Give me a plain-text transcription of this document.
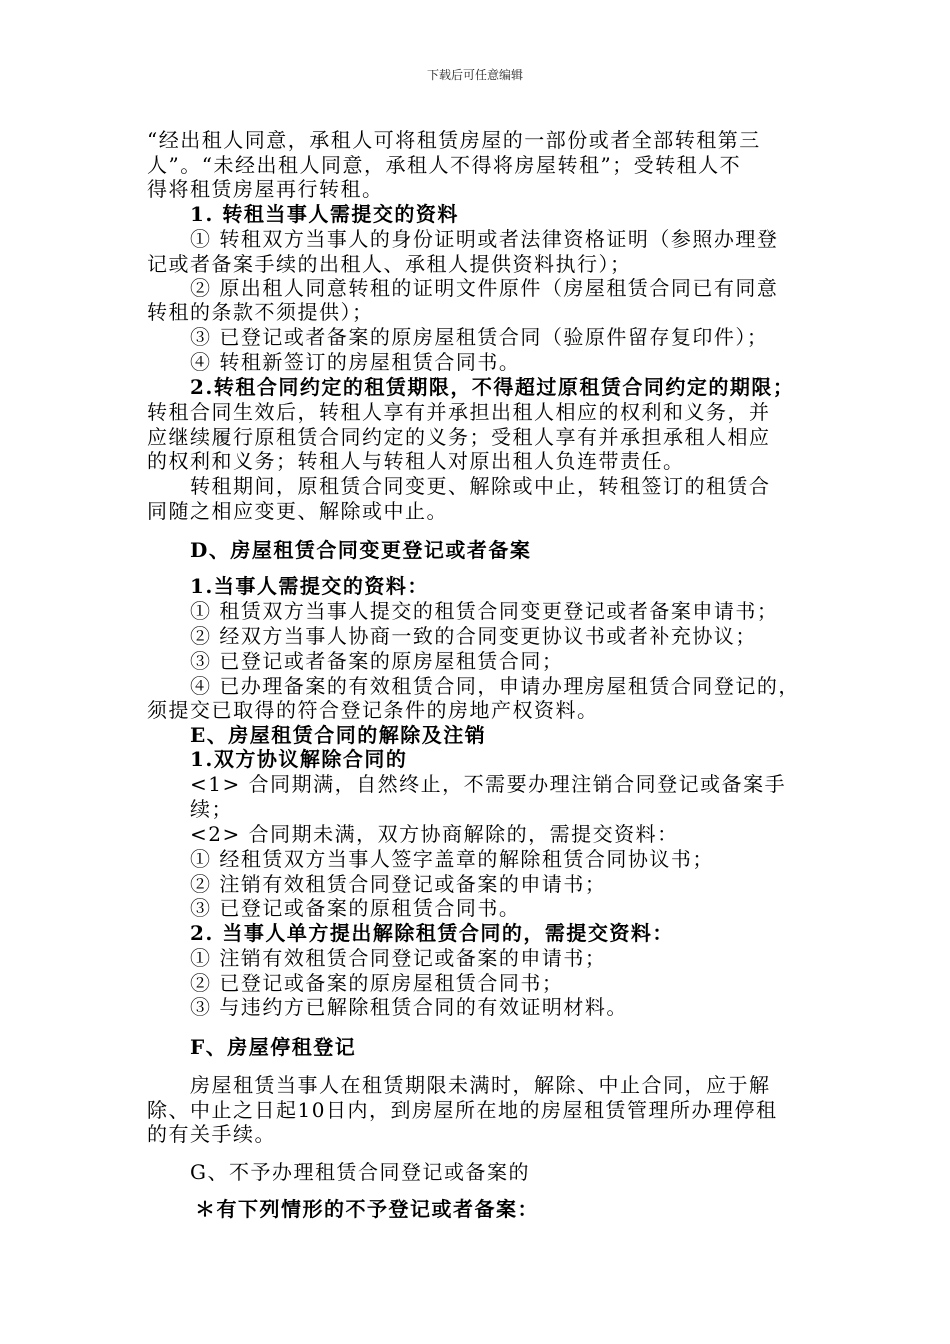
下载后可任意编辑
“经出租人同意，承租人可将租赁房屋的一部份或者全部转租第三
人”。“未经出租人同意，承租人不得将房屋转租”；受转租人不
得将租赁房屋再行转租。
1. 转租当事人需提交的资料
① 转租双方当事人的身份证明或者法律资格证明（参照办理登
记或者备案手续的出租人、承租人提供资料执行）；
② 原出租人同意转租的证明文件原件（房屋租赁合同已有同意
转租的条款不须提供）；
③ 已登记或者备案的原房屋租赁合同（验原件留存复印件）；
④ 转租新签订的房屋租赁合同书。
2.转租合同约定的租赁期限，不得超过原租赁合同约定的期限；
转租合同生效后，转租人享有并承担出租人相应的权利和义务，并
应继续履行原租赁合同约定的义务；受租人享有并承担承租人相应
的权利和义务；转租人与转租人对原出租人负连带责任。
转租期间，原租赁合同变更、解除或中止，转租签订的租赁合
同随之相应变更、解除或中止。
D、房屋租赁合同变更登记或者备案
1.当事人需提交的资料：
① 租赁双方当事人提交的租赁合同变更登记或者备案申请书；
② 经双方当事人协商一致的合同变更协议书或者补充协议；
③ 已登记或者备案的原房屋租赁合同；
④ 已办理备案的有效租赁合同，申请办理房屋租赁合同登记的，
须提交已取得的符合登记条件的房地产权资料。
E、房屋租赁合同的解除及注销
1.双方协议解除合同的
<1> 合同期满，自然终止，不需要办理注销合同登记或备案手
续；
<2> 合同期未满，双方协商解除的，需提交资料：
① 经租赁双方当事人签字盖章的解除租赁合同协议书；
② 注销有效租赁合同登记或备案的申请书；
③ 已登记或备案的原租赁合同书。
2. 当事人单方提出解除租赁合同的，需提交资料：
① 注销有效租赁合同登记或备案的申请书；
② 已登记或备案的原房屋租赁合同书；
③ 与违约方已解除租赁合同的有效证明材料。
F、房屋停租登记
房屋租赁当事人在租赁期限未满时，解除、中止合同，应于解
除、中止之日起10日内，到房屋所在地的房屋租赁管理所办理停租
的有关手续。
G、不予办理租赁合同登记或备案的
＊有下列情形的不予登记或者备案：
